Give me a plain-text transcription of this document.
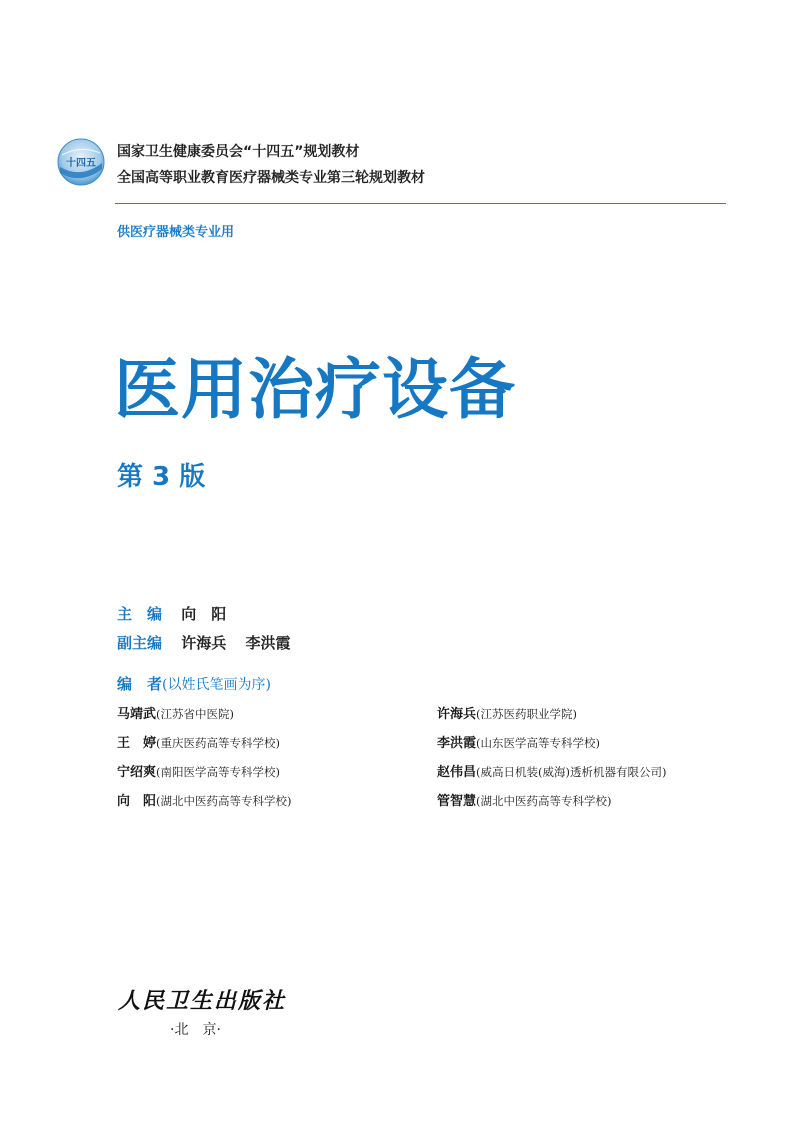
十四五
国家卫生健康委员会“十四五”规划教材
全国高等职业教育医疗器械类专业第三轮规划教材
供医疗器械类专业用
医用治疗设备
第 3 版
主　编 向　阳
副主编 许海兵 李洪霞
编　者(以姓氏笔画为序)
马靖武(江苏省中医院)	许海兵(江苏医药职业学院)
王　婷(重庆医药高等专科学校)	李洪霞(山东医学高等专科学校)
宁绍爽(南阳医学高等专科学校)	赵伟昌(威高日机装(威海)透析机器有限公司)
向　阳(湖北中医药高等专科学校)	管智慧(湖北中医药高等专科学校)
人民卫生出版社
·北　京·
